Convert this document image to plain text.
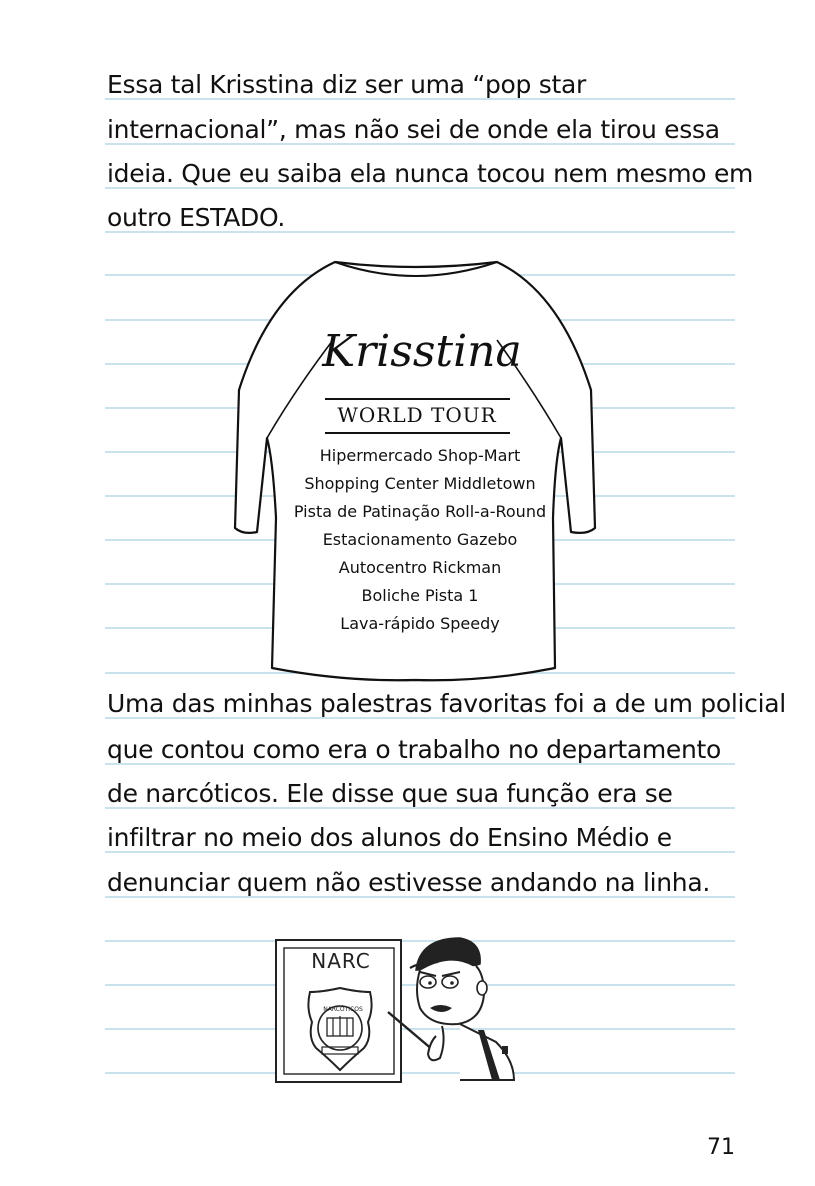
Essa tal Krisstina diz ser uma “pop star
internacional”, mas não sei de onde ela tirou essa
ideia. Que eu saiba ela nunca tocou nem mesmo em
outro ESTADO.
Krisstina
WORLD TOUR
Hipermercado Shop-Mart
Shopping Center Middletown
Pista de Patinação Roll-a-Round
Estacionamento Gazebo
Autocentro Rickman
Boliche Pista 1
Lava-rápido Speedy
Uma das minhas palestras favoritas foi a de um policial
que contou como era o trabalho no departamento
de narcóticos. Ele disse que sua função era se
infiltrar no meio dos alunos do Ensino Médio e
denunciar quem não estivesse andando na linha.
NARC
NARCÓTICOS
71
